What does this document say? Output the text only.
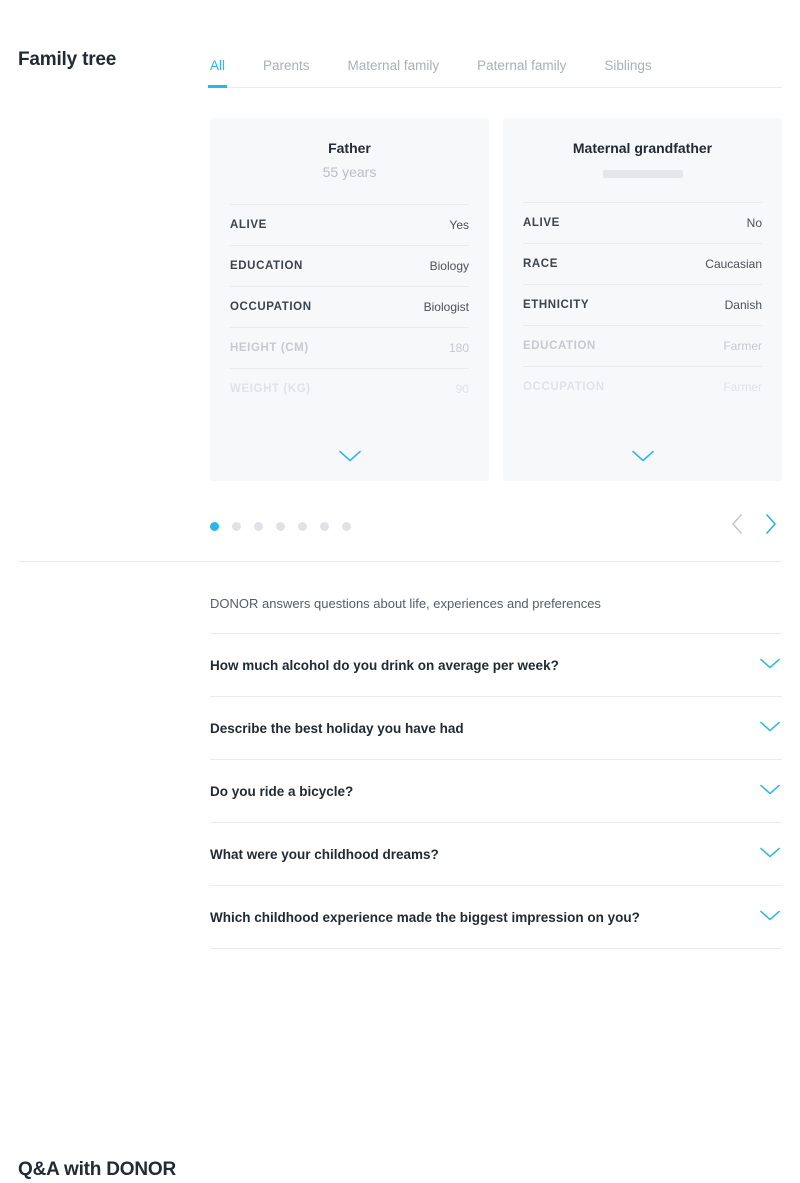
Family tree	All	Parents	Maternal family	Paternal family	Siblings
Father
55 years
ALIVE	Yes
EDUCATION	Biology
OCCUPATION	Biologist
HEIGHT (CM)	180
WEIGHT (KG)	90
Maternal grandfather
ALIVE	No
RACE	Caucasian
ETHNICITY	Danish
EDUCATION	Farmer
OCCUPATION	Farmer
Q&A with DONOR
DONOR answers questions about life, experiences and preferences
How much alcohol do you drink on average per week?
Describe the best holiday you have had
Do you ride a bicycle?
What were your childhood dreams?
Which childhood experience made the biggest impression on you?
